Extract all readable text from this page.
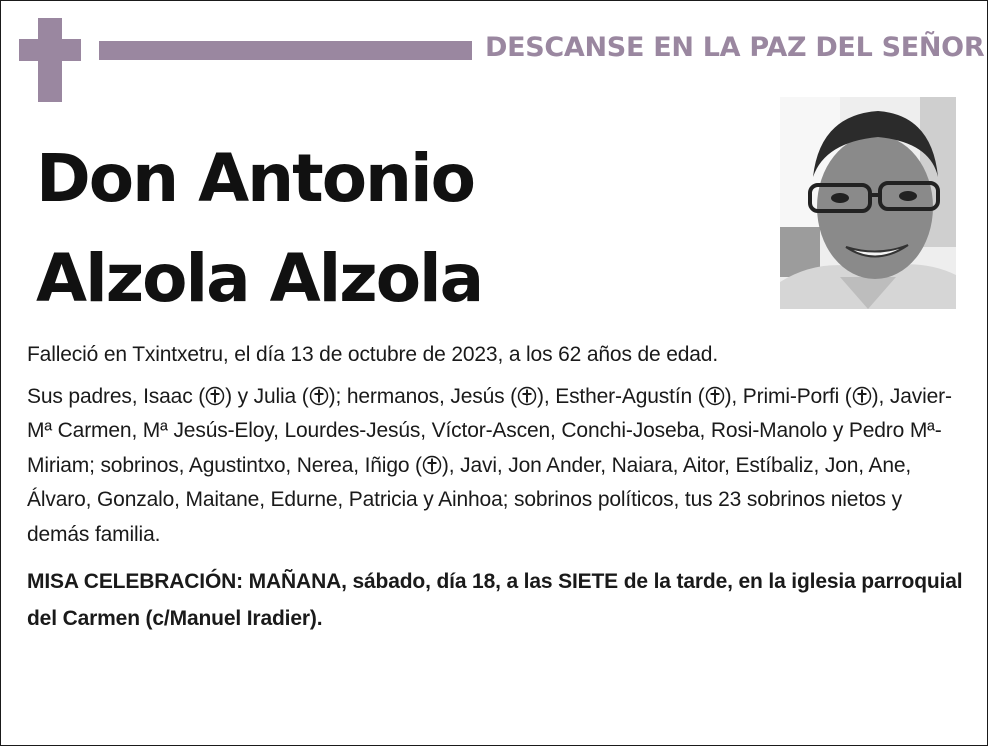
DESCANSE EN LA PAZ DEL SEÑOR
Don Antonio
Alzola Alzola

Falleció en Txintxetru, el día 13 de octubre de 2023, a los 62 años de edad.

Sus padres, Isaac ( ) y Julia ( ); hermanos, Jesús ( ), Esther-Agustín ( ), Primi-Porfi ( ), Javier-Mª Carmen, Mª Jesús-Eloy, Lourdes-Jesús, Víctor-Ascen, Conchi-Joseba, Rosi-Manolo y Pedro Mª-Miriam; sobrinos, Agustintxo, Nerea, Iñigo ( ), Javi, Jon Ander, Naiara, Aitor, Estíbaliz, Jon, Ane, Álvaro, Gonzalo, Maitane, Edurne, Patricia y Ainhoa; sobrinos políticos, tus 23 sobrinos nietos y demás familia.

MISA CELEBRACIÓN: MAÑANA, sábado, día 18, a las SIETE de la tarde, en la iglesia parroquial del Carmen (c/Manuel Iradier).
